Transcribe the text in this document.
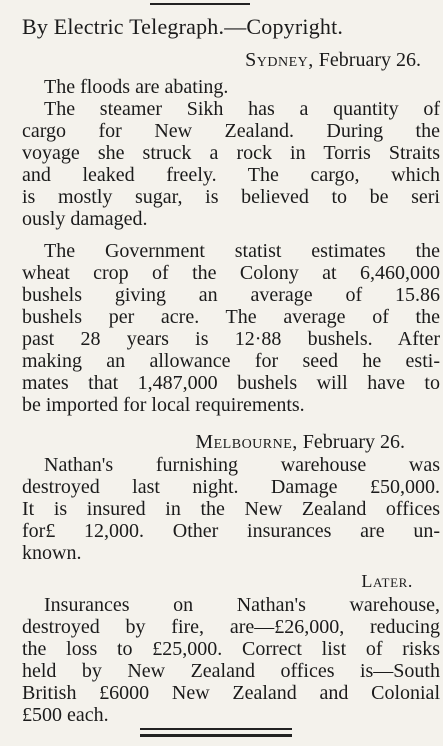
By Electric Telegraph.—Copyright.
Sydney, February 26.
The floods are abating.
The steamer Sikh has a quantity of
cargo for New Zealand. During the
voyage she struck a rock in Torris Straits
and leaked freely. The cargo, which
is mostly sugar, is believed to be seri
ously damaged.
The Government statist estimates the
wheat crop of the Colony at 6,460,000
bushels giving an average of 15.86
bushels per acre. The average of the
past 28 years is 12·88 bushels. After
making an allowance for seed he esti-
mates that 1,487,000 bushels will have to
be imported for local requirements.
Melbourne, February 26.
Nathan's furnishing warehouse was
destroyed last night. Damage £50,000.
It is insured in the New Zealand offices
for£ 12,000. Other insurances are un-
known.
Later.
Insurances on Nathan's warehouse,
destroyed by fire, are—£26,000, reducing
the loss to £25,000. Correct list of risks
held by New Zealand offices is—South
British £6000 New Zealand and Colonial
£500 each.
